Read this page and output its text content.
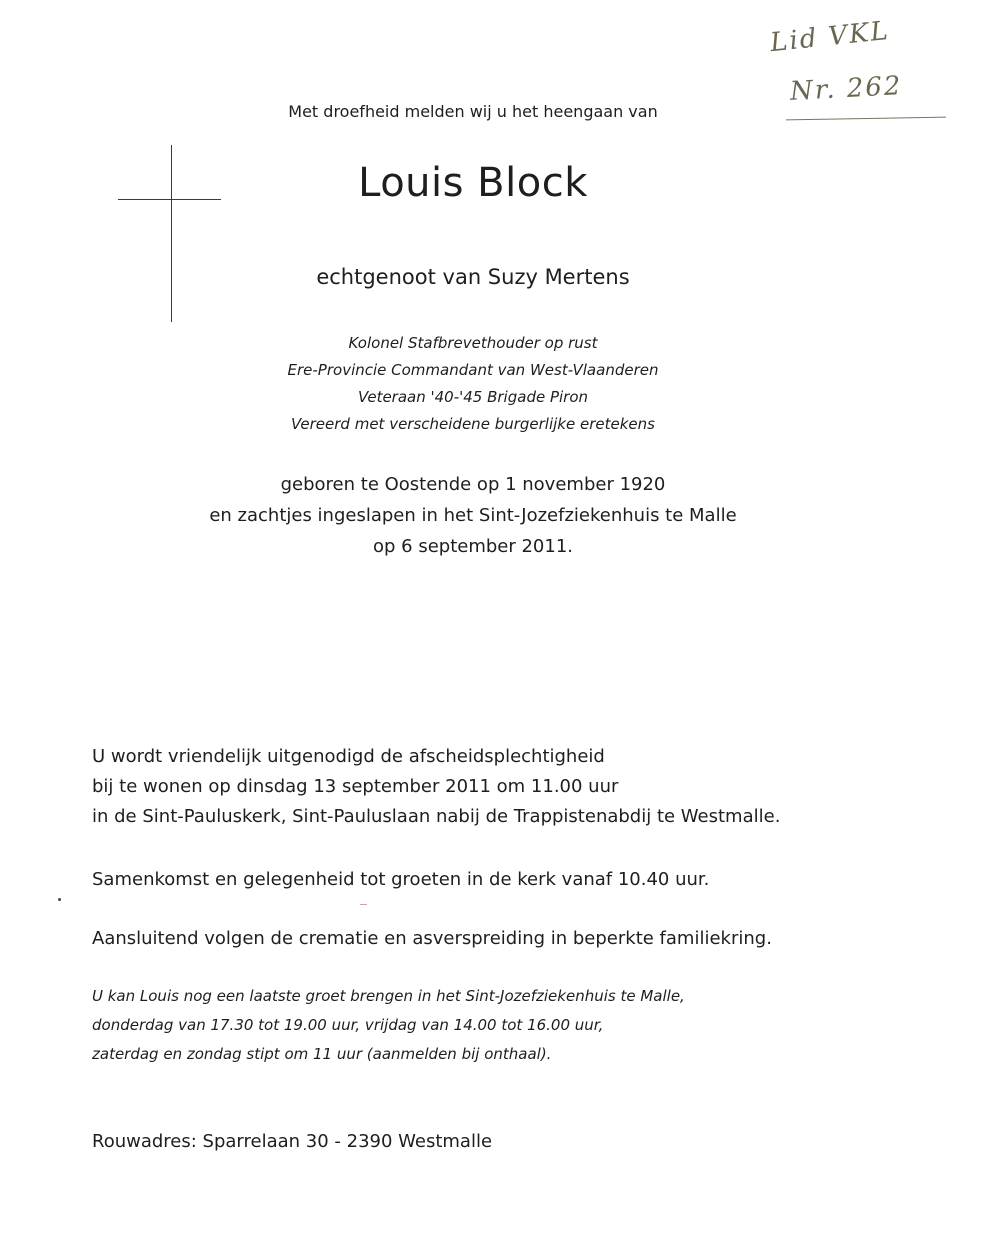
Lid VKL
Nr. 262
Met droefheid melden wij u het heengaan van
Louis Block
echtgenoot van Suzy Mertens
Kolonel Stafbrevethouder op rust
Ere-Provincie Commandant van West-Vlaanderen
Veteraan '40-'45 Brigade Piron
Vereerd met verscheidene burgerlijke eretekens
geboren te Oostende op 1 november 1920
en zachtjes ingeslapen in het Sint-Jozefziekenhuis te Malle
op 6 september 2011.
U wordt vriendelijk uitgenodigd de afscheidsplechtigheid
bij te wonen op dinsdag 13 september 2011 om 11.00 uur
in de Sint-Pauluskerk, Sint-Pauluslaan nabij de Trappistenabdij te Westmalle.
Samenkomst en gelegenheid tot groeten in de kerk vanaf 10.40 uur.
Aansluitend volgen de crematie en asverspreiding in beperkte familiekring.
U kan Louis nog een laatste groet brengen in het Sint-Jozefziekenhuis te Malle,
donderdag van 17.30 tot 19.00 uur, vrijdag van 14.00 tot 16.00 uur,
zaterdag en zondag stipt om 11 uur (aanmelden bij onthaal).
Rouwadres: Sparrelaan 30 - 2390 Westmalle
